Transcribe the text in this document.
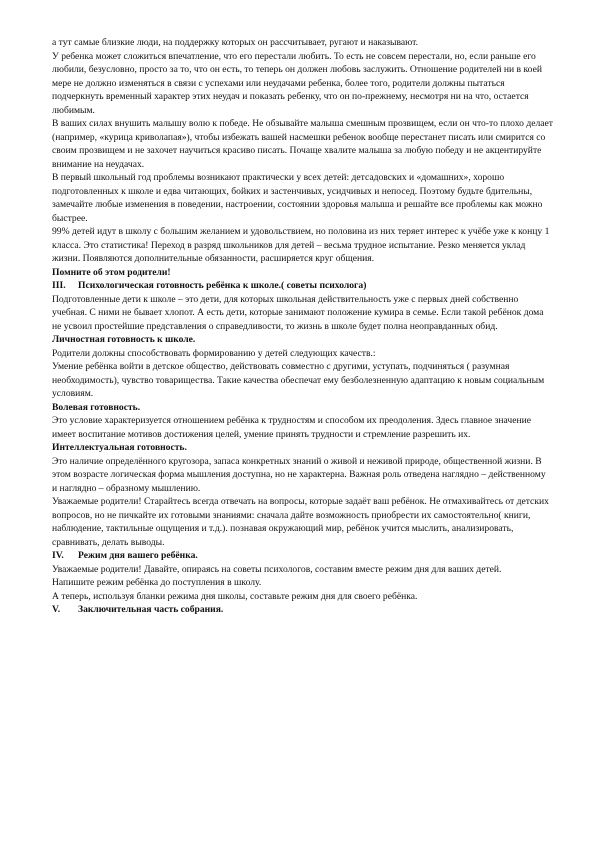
а тут самые близкие люди, на поддержку которых он рассчитывает, ругают и наказывают.

У ребенка может сложиться впечатление, что его перестали любить. То есть не совсем перестали, но, если раньше его любили, безусловно, просто за то, что он есть, то теперь он должен любовь заслужить. Отношение родителей ни в коей мере не должно изменяться в связи с успехами или неудачами ребенка, более того, родители должны пытаться подчеркнуть временный характер этих неудач и показать ребенку, что он по-прежнему, несмотря ни на что, остается любимым.

В ваших силах внушить малышу волю к победе. Не обзывайте малыша смешным прозвищем, если он что-то плохо делает (например, «курица криволапая»), чтобы избежать вашей насмешки ребенок вообще перестанет писать или смирится со своим прозвищем и не захочет научиться красиво писать. Почаще хвалите малыша за любую победу и не акцентируйте внимание на неудачах.

В первый школьный год проблемы возникают практически у всех детей: детсадовских и «домашних», хорошо подготовленных к школе и едва читающих, бойких и застенчивых, усидчивых и непосед. Поэтому будьте бдительны, замечайте любые изменения в поведении, настроении, состоянии здоровья малыша и решайте все проблемы как можно быстрее.

99% детей идут в школу с большим желанием и удовольствием, но половина из них теряет интерес к учёбе уже к концу 1 класса. Это статистика! Переход в разряд школьников для детей – весьма трудное испытание. Резко меняется уклад жизни. Появляются дополнительные обязанности, расширяется круг общения.

Помните об этом родители!

III.	Психологическая готовность ребёнка к школе.( советы психолога)

Подготовленные дети к школе – это дети, для которых школьная действительность уже с первых дней собственно учебная. С ними не бывает хлопот. А есть дети, которые занимают положение кумира в семье. Если такой ребёнок дома не усвоил простейшие представления о справедливости, то жизнь в школе будет полна неоправданных обид.

Личностная готовность к школе.

Родители должны способствовать формированию у детей следующих качеств.:

Умение ребёнка войти в детское общество, действовать совместно с другими, уступать, подчиняться ( разумная необходимость), чувство товарищества. Такие качества обеспечат ему безболезненную адаптацию к новым социальным условиям.

Волевая готовность.

Это условие характеризуется отношением ребёнка к трудностям и способом их преодоления. Здесь главное значение имеет воспитание мотивов достижения целей, умение принять трудности и стремление разрешить их.

Интеллектуальная готовность.

Это наличие определённого кругозора, запаса конкретных знаний о живой и неживой природе, общественной жизни. В этом возрасте логическая форма мышления доступна, но не характерна. Важная роль отведена наглядно – действенному и наглядно – образному мышлению.

Уважаемые родители! Старайтесь всегда отвечать на вопросы, которые задаёт ваш ребёнок. Не отмахивайтесь от детских вопросов, но не пичкайте их готовыми знаниями: сначала дайте возможность приобрести их самостоятельно( книги, наблюдение, тактильные ощущения и т.д.). познавая окружающий мир, ребёнок учится мыслить, анализировать, сравнивать, делать выводы.

IV.	Режим дня вашего ребёнка.

Уважаемые родители! Давайте, опираясь на советы психологов, составим вместе режим дня для ваших детей.

Напишите режим ребёнка до поступления в школу.

А теперь, используя бланки режима дня школы, составьте режим дня для своего ребёнка.

V.	Заключительная часть собрания.
